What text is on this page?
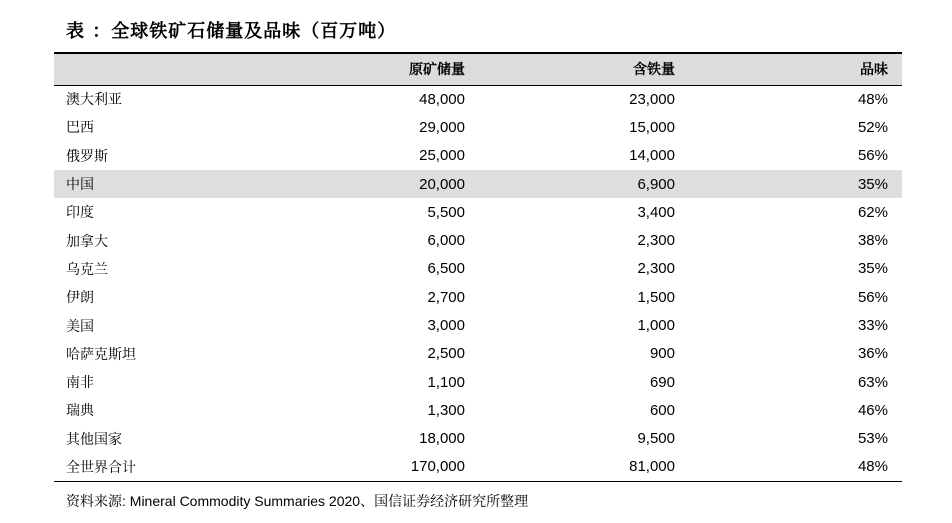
表 ：全球铁矿石储量及品味（百万吨）
	原矿储量	含铁量	品味
澳大利亚	48,000	23,000	48%
巴西	29,000	15,000	52%
俄罗斯	25,000	14,000	56%
中国	20,000	6,900	35%
印度	5,500	3,400	62%
加拿大	6,000	2,300	38%
乌克兰	6,500	2,300	35%
伊朗	2,700	1,500	56%
美国	3,000	1,000	33%
哈萨克斯坦	2,500	900	36%
南非	1,100	690	63%
瑞典	1,300	600	46%
其他国家	18,000	9,500	53%
全世界合计	170,000	81,000	48%
资料来源: Mineral Commodity Summaries 2020、国信证券经济研究所整理
